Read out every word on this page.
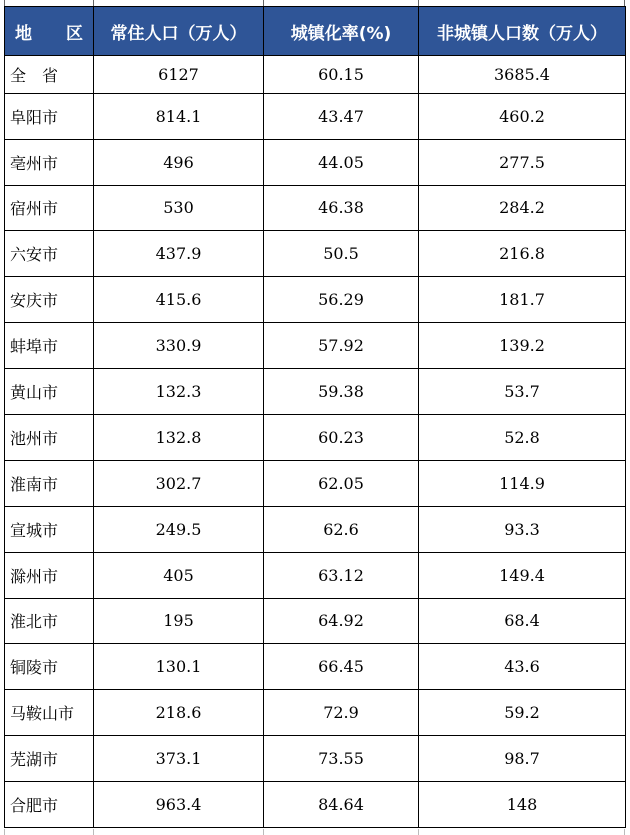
地　　区	常住人口（万人）	城镇化率(%)	非城镇人口数（万人）
全　省	6127	60.15	3685.4
阜阳市	814.1	43.47	460.2
亳州市	496	44.05	277.5
宿州市	530	46.38	284.2
六安市	437.9	50.5	216.8
安庆市	415.6	56.29	181.7
蚌埠市	330.9	57.92	139.2
黄山市	132.3	59.38	53.7
池州市	132.8	60.23	52.8
淮南市	302.7	62.05	114.9
宣城市	249.5	62.6	93.3
滁州市	405	63.12	149.4
淮北市	195	64.92	68.4
铜陵市	130.1	66.45	43.6
马鞍山市	218.6	72.9	59.2
芜湖市	373.1	73.55	98.7
合肥市	963.4	84.64	148
